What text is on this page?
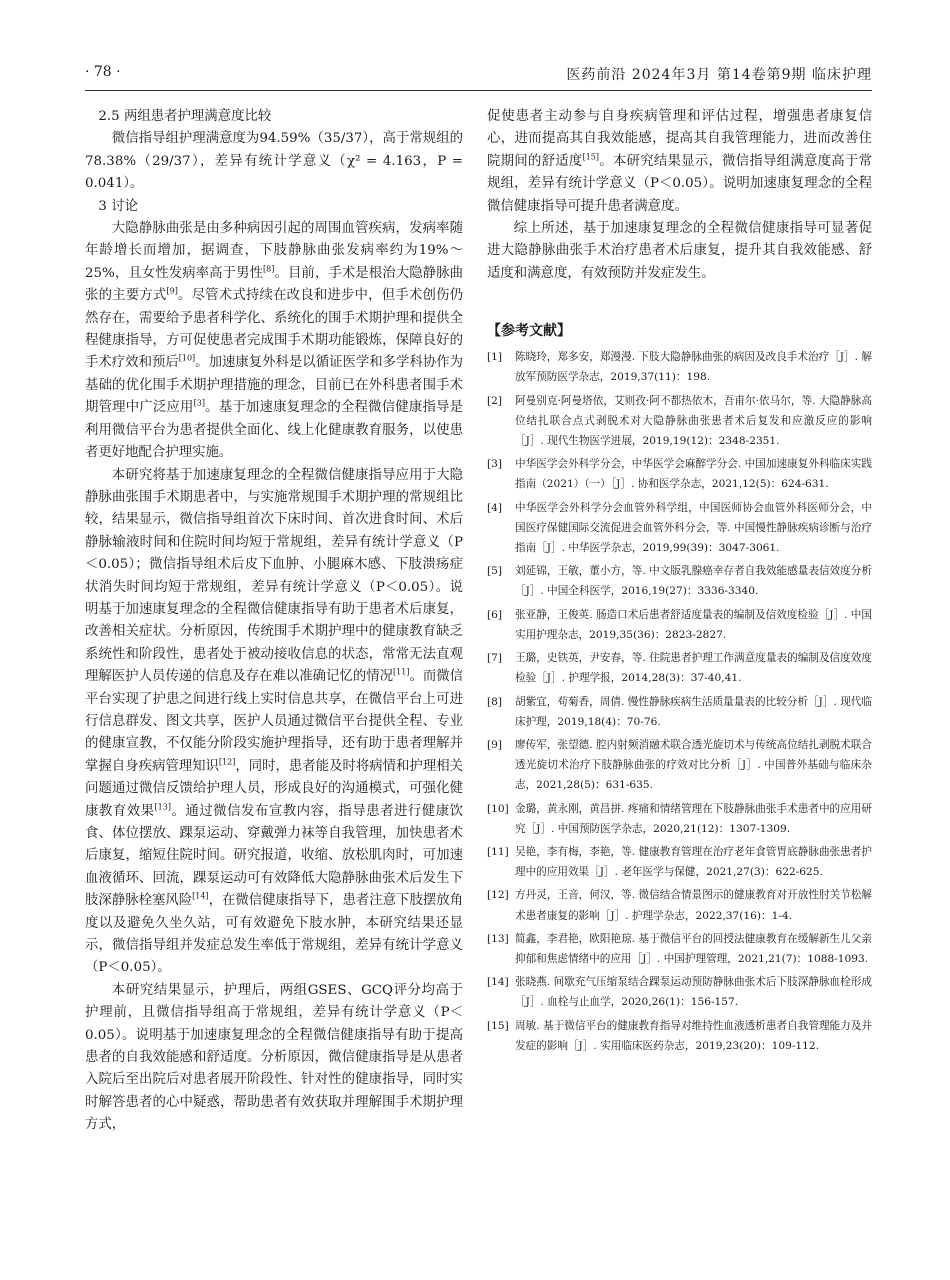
· 78 ·	医药前沿 2024年3月 第14卷第9期 临床护理

2.5 两组患者护理满意度比较

微信指导组护理满意度为94.59%（35/37），高于常规组的78.38%（29/37），差异有统计学意义（χ² = 4.163，P = 0.041）。

3 讨论

大隐静脉曲张是由多种病因引起的周围血管疾病，发病率随年龄增长而增加，据调查，下肢静脉曲张发病率约为19%～25%，且女性发病率高于男性[8]。目前，手术是根治大隐静脉曲张的主要方式[9]。尽管术式持续在改良和进步中，但手术创伤仍然存在，需要给予患者科学化、系统化的围手术期护理和提供全程健康指导，方可促使患者完成围手术期功能锻炼，保障良好的手术疗效和预后[10]。加速康复外科是以循证医学和多学科协作为基础的优化围手术期护理措施的理念，目前已在外科患者围手术期管理中广泛应用[3]。基于加速康复理念的全程微信健康指导是利用微信平台为患者提供全面化、线上化健康教育服务，以使患者更好地配合护理实施。

本研究将基于加速康复理念的全程微信健康指导应用于大隐静脉曲张围手术期患者中，与实施常规围手术期护理的常规组比较，结果显示，微信指导组首次下床时间、首次进食时间、术后静脉输液时间和住院时间均短于常规组，差异有统计学意义（P＜0.05）；微信指导组术后皮下血肿、小腿麻木感、下肢溃疡症状消失时间均短于常规组，差异有统计学意义（P＜0.05）。说明基于加速康复理念的全程微信健康指导有助于患者术后康复，改善相关症状。分析原因，传统围手术期护理中的健康教育缺乏系统性和阶段性，患者处于被动接收信息的状态，常常无法直观理解医护人员传递的信息及存在难以准确记忆的情况[11]。而微信平台实现了护患之间进行线上实时信息共享，在微信平台上可进行信息群发、图文共享，医护人员通过微信平台提供全程、专业的健康宣教，不仅能分阶段实施护理指导，还有助于患者理解并掌握自身疾病管理知识[12]，同时，患者能及时将病情和护理相关问题通过微信反馈给护理人员，形成良好的沟通模式，可强化健康教育效果[13]。通过微信发布宣教内容，指导患者进行健康饮食、体位摆放、踝泵运动、穿戴弹力袜等自我管理，加快患者术后康复，缩短住院时间。研究报道，收缩、放松肌肉时，可加速血液循环、回流，踝泵运动可有效降低大隐静脉曲张术后发生下肢深静脉栓塞风险[14]，在微信健康指导下，患者注意下肢摆放角度以及避免久坐久站，可有效避免下肢水肿，本研究结果还显示，微信指导组并发症总发生率低于常规组，差异有统计学意义（P＜0.05）。

本研究结果显示，护理后，两组GSES、GCQ评分均高于护理前，且微信指导组高于常规组，差异有统计学意义（P＜0.05）。说明基于加速康复理念的全程微信健康指导有助于提高患者的自我效能感和舒适度。分析原因，微信健康指导是从患者入院后至出院后对患者展开阶段性、针对性的健康指导，同时实时解答患者的心中疑惑，帮助患者有效获取并理解围手术期护理方式，

促使患者主动参与自身疾病管理和评估过程，增强患者康复信心，进而提高其自我效能感，提高其自我管理能力，进而改善住院期间的舒适度[15]。本研究结果显示，微信指导组满意度高于常规组，差异有统计学意义（P＜0.05）。说明加速康复理念的全程微信健康指导可提升患者满意度。

综上所述，基于加速康复理念的全程微信健康指导可显著促进大隐静脉曲张手术治疗患者术后康复，提升其自我效能感、舒适度和满意度，有效预防并发症发生。

【参考文献】
[1]	陈晓玲，郑多安，郑漫漫. 下肢大隐静脉曲张的病因及改良手术治疗［J］. 解放军预防医学杂志，2019,37(11)：198.
[2]	阿曼别克·阿曼塔依，艾则孜·阿不都热依木，吾甫尔·依马尔，等. 大隐静脉高位结扎联合点式剥脱术对大隐静脉曲张患者术后复发和应激反应的影响［J］. 现代生物医学进展，2019,19(12)：2348-2351.
[3]	中华医学会外科学分会，中华医学会麻醉学分会. 中国加速康复外科临床实践指南（2021）（一）［J］. 协和医学杂志，2021,12(5)：624-631.
[4]	中华医学会外科学分会血管外科学组，中国医师协会血管外科医师分会，中国医疗保健国际交流促进会血管外科分会，等. 中国慢性静脉疾病诊断与治疗指南［J］. 中华医学杂志，2019,99(39)：3047-3061.
[5]	刘延锦，王敏，董小方，等. 中文版乳腺癌幸存者自我效能感量表信效度分析［J］. 中国全科医学，2016,19(27)：3336-3340.
[6]	张亚静，王俊英. 肠造口术后患者舒适度量表的编制及信效度检验［J］. 中国实用护理杂志，2019,35(36)：2823-2827.
[7]	王璐，史铁英，尹安春，等. 住院患者护理工作满意度量表的编制及信度效度检验［J］. 护理学报，2014,28(3)：37-40,41.
[8]	胡紫宜，苟菊香，周倩. 慢性静脉疾病生活质量量表的比较分析［J］. 现代临床护理，2019,18(4)：70-76.
[9]	廖传军，张望德. 腔内射频消融术联合透光旋切术与传统高位结扎剥脱术联合透光旋切术治疗下肢静脉曲张的疗效对比分析［J］. 中国普外基础与临床杂志，2021,28(5)：631-635.
[10] 金璐，黄永刚，黄昌拼. 疼痛和情绪管理在下肢静脉曲张手术患者中的应用研究［J］. 中国预防医学杂志，2020,21(12)：1307-1309.
[11] 吴艳，李有梅，李艳，等. 健康教育管理在治疗老年食管胃底静脉曲张患者护理中的应用效果［J］. 老年医学与保健，2021,27(3)：622-625.
[12] 方丹灵，王音，何汉，等. 微信结合情景图示的健康教育对开放性肘关节松解术患者康复的影响［J］. 护理学杂志，2022,37(16)：1-4.
[13] 简鑫，李君艳，欧阳艳琼. 基于微信平台的回授法健康教育在缓解新生儿父亲抑郁和焦虑情绪中的应用［J］. 中国护理管理，2021,21(7)：1088-1093.
[14] 张晓燕. 间歇充气压缩泵结合踝泵运动预防静脉曲张术后下肢深静脉血栓形成［J］. 血栓与止血学，2020,26(1)：156-157.
[15] 周敏. 基于微信平台的健康教育指导对维持性血液透析患者自我管理能力及并发症的影响［J］. 实用临床医药杂志，2019,23(20)：109-112.
